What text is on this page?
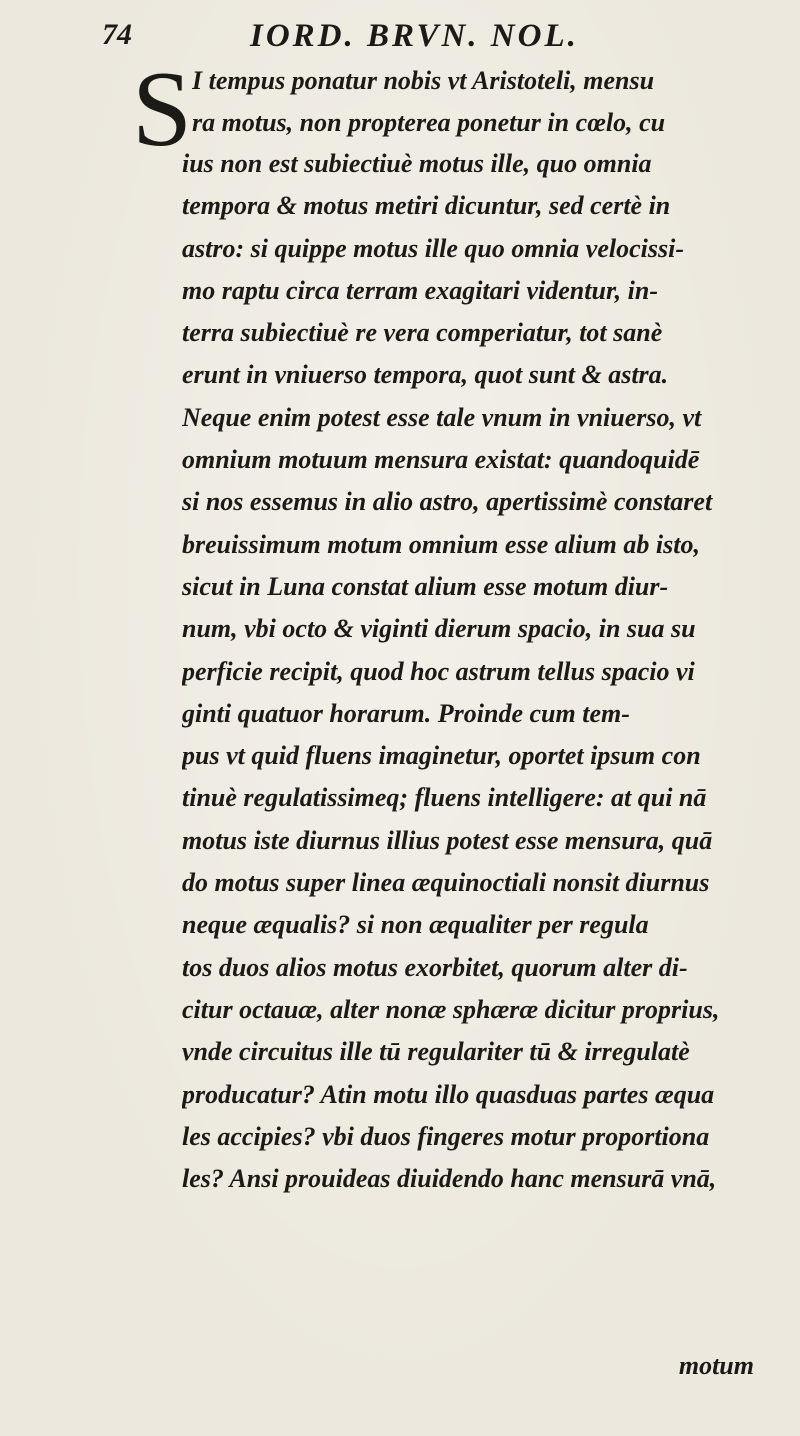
74	IORD. BRVN. NOL.
S I tempus ponatur nobis vt Aristoteli, mensu
ra motus, non propterea ponetur in cœlo, cu
ius non est subiectiuè motus ille, quo omnia
tempora & motus metiri dicuntur, sed certè in
astro: si quippe motus ille quo omnia velocissi-
mo raptu circa terram exagitari videntur, in-
terra subiectiuè re vera comperiatur, tot sanè
erunt in vniuerso tempora, quot sunt & astra.
Neque enim potest esse tale vnum in vniuerso, vt
omnium motuum mensura existat: quandoquidē
si nos essemus in alio astro, apertissimè constaret
breuissimum motum omnium esse alium ab isto,
sicut in Luna constat alium esse motum diur-
num, vbi octo & viginti dierum spacio, in sua su
perficie recipit, quod hoc astrum tellus spacio vi
ginti quatuor horarum. Proinde cum tem-
pus vt quid fluens imaginetur, oportet ipsum con
tinuè regulatissimeq; fluens intelligere: at qui nā
motus iste diurnus illius potest esse mensura, quā
do motus super linea æquinoctiali nonsit diurnus
neque æqualis? si non æqualiter per regula
tos duos alios motus exorbitet, quorum alter di-
citur octauæ, alter nonæ sphæræ dicitur proprius,
vnde circuitus ille tū regulariter tū & irregulatè
producatur? Atin motu illo quasduas partes æqua
les accipies? vbi duos fingeres motur proportiona
les? Ansi prouideas diuidendo hanc mensurā vnā,
motum
